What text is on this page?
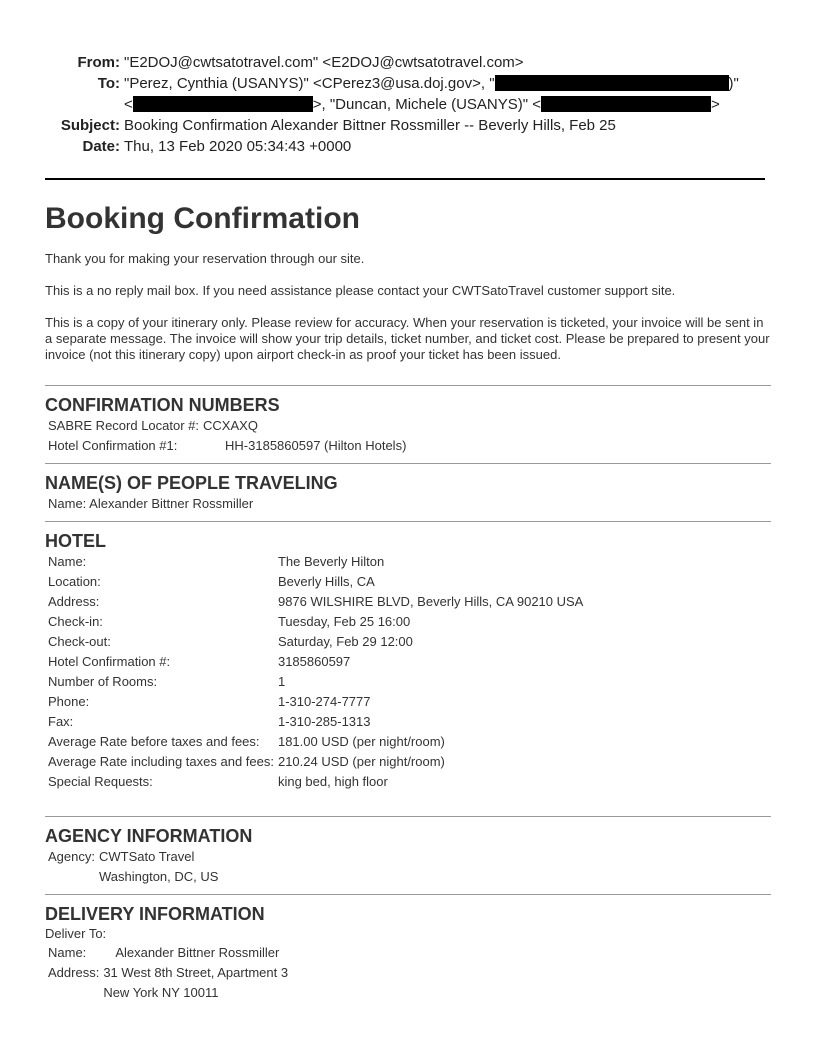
From: "E2DOJ@cwtsatotravel.com" <E2DOJ@cwtsatotravel.com>
To: "Perez, Cynthia (USANYS)" <CPerez3@usa.doj.gov>, "	)"
<	>, "Duncan, Michele (USANYS)" <	>
Subject: Booking Confirmation Alexander Bittner Rossmiller -- Beverly Hills, Feb 25
Date: Thu, 13 Feb 2020 05:34:43 +0000
Booking Confirmation

Thank you for making your reservation through our site.

This is a no reply mail box. If you need assistance please contact your CWTSatoTravel customer support site.

This is a copy of your itinerary only. Please review for accuracy. When your reservation is ticketed, your invoice will be sent in a separate message. The invoice will show your trip details, ticket number, and ticket cost. Please be prepared to present your invoice (not this itinerary copy) upon airport check-in as proof your ticket has been issued.

CONFIRMATION NUMBERS
SABRE Record Locator #:	CCXAXQ
Hotel Confirmation #1:	HH-3185860597 (Hilton Hotels)
NAME(S) OF PEOPLE TRAVELING
Name: Alexander Bittner Rossmiller
HOTEL
Name:	The Beverly Hilton
Location:	Beverly Hills, CA
Address:	9876 WILSHIRE BLVD, Beverly Hills, CA 90210 USA
Check-in:	Tuesday, Feb 25 16:00
Check-out:	Saturday, Feb 29 12:00
Hotel Confirmation #:	3185860597
Number of Rooms:	1
Phone:	1-310-274-7777
Fax:	1-310-285-1313
Average Rate before taxes and fees:	181.00 USD (per night/room)
Average Rate including taxes and fees:	210.24 USD (per night/room)
Special Requests:	king bed, high floor
AGENCY INFORMATION
Agency:	CWTSato Travel
	Washington, DC, US
DELIVERY INFORMATION
Deliver To:
Name:	Alexander Bittner Rossmiller
Address:	31 West 8th Street, Apartment 3
	New York NY 10011
